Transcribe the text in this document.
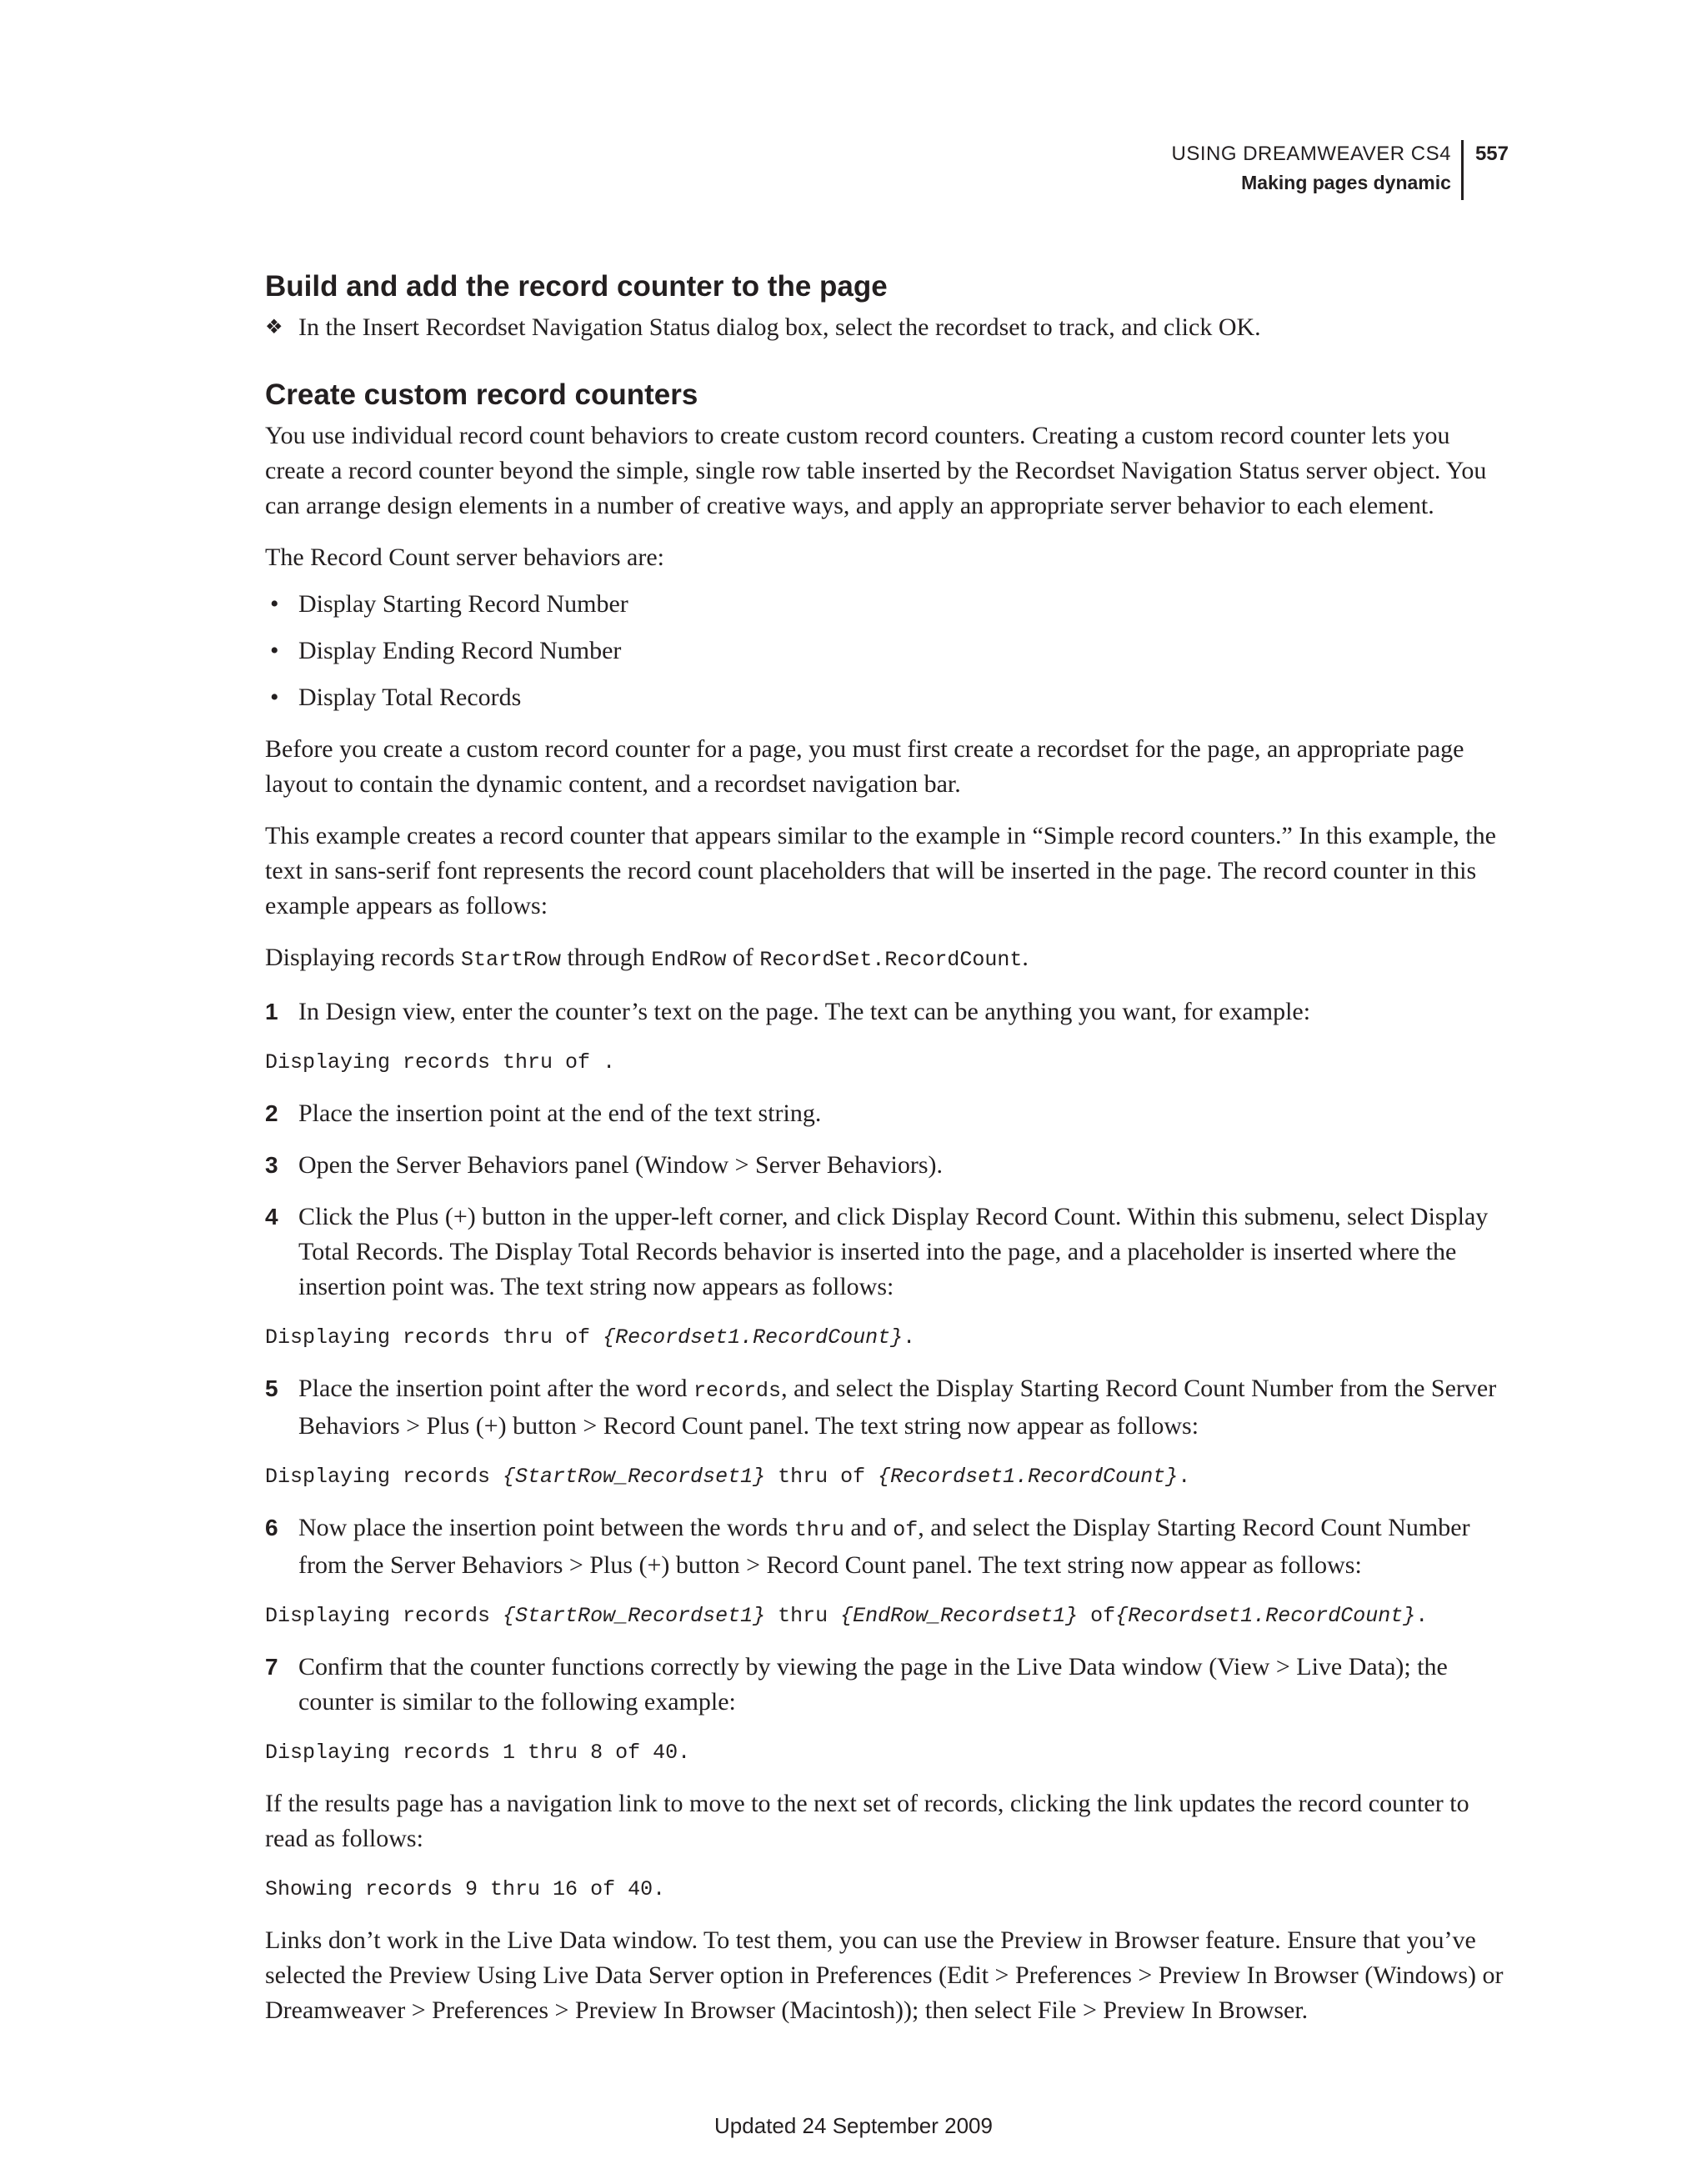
USING DREAMWEAVER CS4
Making pages dynamic
557
Build and add the record counter to the page
❖ In the Insert Recordset Navigation Status dialog box, select the recordset to track, and click OK.
Create custom record counters

You use individual record count behaviors to create custom record counters. Creating a custom record counter lets you create a record counter beyond the simple, single row table inserted by the Recordset Navigation Status server object. You can arrange design elements in a number of creative ways, and apply an appropriate server behavior to each element.

The Record Count server behaviors are:

• Display Starting Record Number
• Display Ending Record Number
• Display Total Records

Before you create a custom record counter for a page, you must first create a recordset for the page, an appropriate page layout to contain the dynamic content, and a recordset navigation bar.

This example creates a record counter that appears similar to the example in “Simple record counters.” In this example, the text in sans-serif font represents the record count placeholders that will be inserted in the page. The record counter in this example appears as follows:

Displaying records StartRow through EndRow of RecordSet.RecordCount.

1 In Design view, enter the counter’s text on the page. The text can be anything you want, for example:
Displaying records thru of .
2 Place the insertion point at the end of the text string.
3 Open the Server Behaviors panel (Window > Server Behaviors).
4 Click the Plus (+) button in the upper-left corner, and click Display Record Count. Within this submenu, select Display Total Records. The Display Total Records behavior is inserted into the page, and a placeholder is inserted where the insertion point was. The text string now appears as follows:
Displaying records thru of {Recordset1.RecordCount}.
5 Place the insertion point after the word records, and select the Display Starting Record Count Number from the Server Behaviors > Plus (+) button > Record Count panel. The text string now appear as follows:
Displaying records {StartRow_Recordset1} thru of {Recordset1.RecordCount}.
6 Now place the insertion point between the words thru and of, and select the Display Starting Record Count Number from the Server Behaviors > Plus (+) button > Record Count panel. The text string now appear as follows:
Displaying records {StartRow_Recordset1} thru {EndRow_Recordset1} of{Recordset1.RecordCount}.
7 Confirm that the counter functions correctly by viewing the page in the Live Data window (View > Live Data); the counter is similar to the following example:
Displaying records 1 thru 8 of 40.

If the results page has a navigation link to move to the next set of records, clicking the link updates the record counter to read as follows:

Showing records 9 thru 16 of 40.

Links don’t work in the Live Data window. To test them, you can use the Preview in Browser feature. Ensure that you’ve selected the Preview Using Live Data Server option in Preferences (Edit > Preferences > Preview In Browser (Windows) or Dreamweaver > Preferences > Preview In Browser (Macintosh)); then select File > Preview In Browser.

Updated 24 September 2009
